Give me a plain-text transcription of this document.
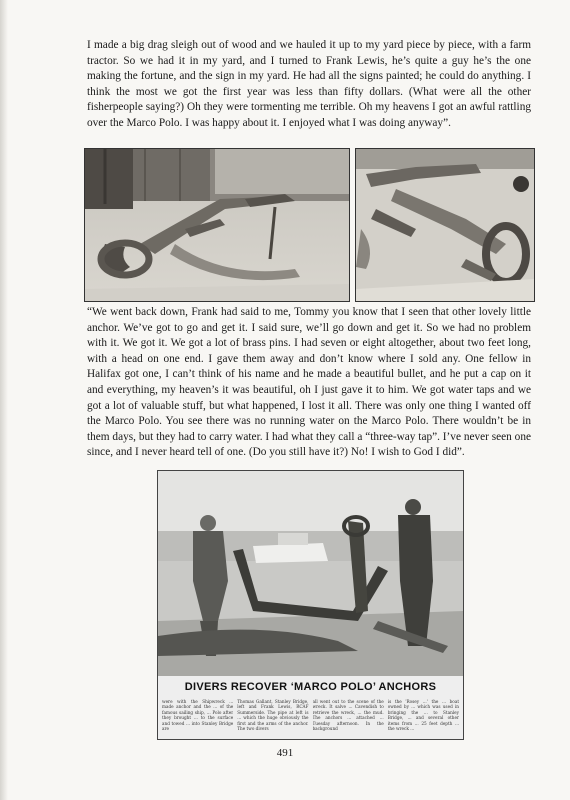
I made a big drag sleigh out of wood and we hauled it up to my yard piece by piece, with a farm tractor. So we had it in my yard, and I turned to Frank Lewis, he’s quite a guy he’s the one making the fortune, and the sign in my yard. He had all the signs painted; he could do anything. I think the most we got the first year was less than fifty dollars. (What were all the other fisherpeople saying?) Oh they were tormenting me terrible. Oh my heavens I got an awful rattling over the Marco Polo. I was happy about it. I enjoyed what I was doing anyway”.

“We went back down, Frank had said to me, Tommy you know that I seen that other lovely little anchor. We’ve got to go and get it. I said sure, we’ll go down and get it. So we had no problem with it. We got it. We got a lot of brass pins. I had seven or eight altogether, about two feet long, with a head on one end. I gave them away and don’t know where I sold any. One fellow in Halifax got one, I can’t think of his name and he made a beautiful bullet, and he put a cap on it and everything, my heaven’s it was beautiful, oh I just gave it to him. We got water taps and we got a lot of valuable stuff, but what happened, I lost it all. There was only one thing I wanted off the Marco Polo. You see there was no running water on the Marco Polo. There wouldn’t be in them days, but they had to carry water. I had what they call a “three-way tap”. I’ve never seen one since, and I never heard tell of one. (Do you still have it?) No! I wish to God I did”.

DIVERS RECOVER ‘MARCO POLO’ ANCHORS
were with the Shipwreck ... made anchor and the ... of the famous sailing ship, ... Polo after they brought ... to the surface and towed ... into Stanley Bridge are
Thomas Gallant, Stanley Bridge, left and Frank Lewis, RCAF Summerside. The pipe at left is ... which the huge obviously the first and the arms of the anchor. The two divers
all went out to the scene of the wreck. It salve ... Cavendish to retrieve the wreck, ... the mud. The anchors ... attached ... Tuesday afternoon. In the background
is the 'Rosey ...' the ... boat owned by ... which was used in bringing the ... to Stanley Bridge, ... and several other items from ... 25 feet depth ... the wreck ...
491
